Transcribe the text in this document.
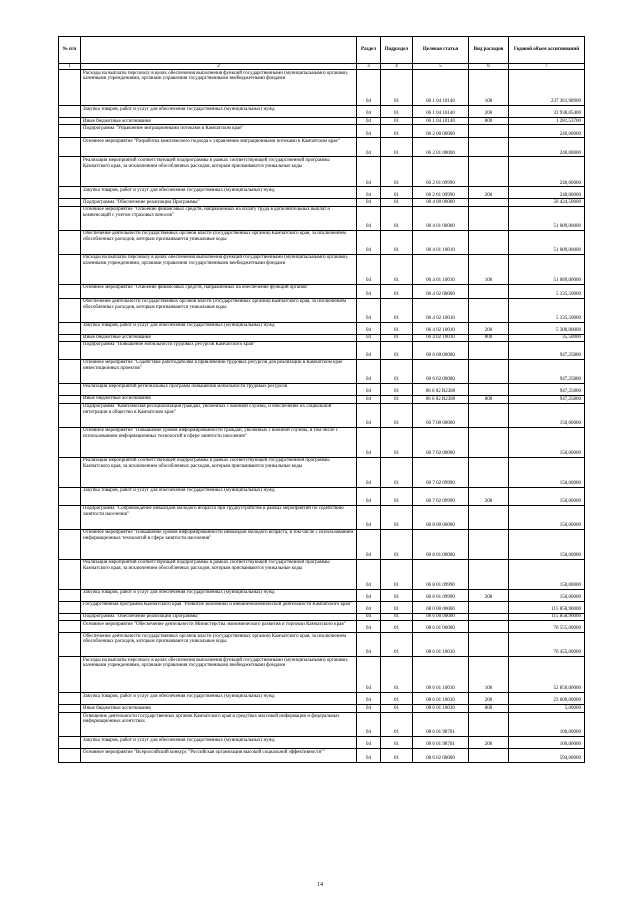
№ п/п		Раздел	Подраздел	Целевая статья	Вид расходов	Годовой объем ассигнований
1	2	3	4	5	6	7
	Расходы на выплаты персоналу в целях обеспечения выполнения функций государственными (муниципальными) органами, казенными учреждениями, органами управления государственными внебюджетными фондами	04	01	06 1 04 10140	100	237 361,98900
	Закупка товаров, работ и услуг для обеспечения государственных (муниципальных) нужд	04	01	06 1 04 10140	200	33 938,05400
	Иные бюджетные ассигнования	04	01	06 1 04 10140	800	1 281,53700
	Подпрограмма "Управление миграционными потоками в Камчатском крае"	04	01	06 2 00 00000		240,00000
	Основное мероприятие "Разработка комплексного подхода к управлению миграционными потоками в Камчатском крае"	04	01	06 2 01 00000		240,00000
	Реализация мероприятий соответствующей подпрограммы в рамках соответствующей государственной программы Камчатского края, за исключением обособленных расходов, которым присваиваются уникальные коды	04	01	06 2 01 09990		240,00000
	Закупка товаров, работ и услуг для обеспечения государственных (муниципальных) нужд	04	01	06 2 01 09990	200	240,00000
	Подпрограмма "Обеспечение реализации Программы"	04	01	06 4 00 00000		56 424,50000
	Основное мероприятие "Освоение финансовых средств, направленных на оплату труда в дополнительных выплат и компенсаций с учетом страховых взносов"	04	01	06 4 01 00000		51 089,00000
	Обеспечение деятельности государственных органов власти (государственных органов) Камчатского края, за исключением обособленных расходов, которым присваиваются уникальные коды	04	01	06 4 01 10010		51 089,00000
	Расходы на выплаты персоналу в целях обеспечения выполнения функций государственными (муниципальными) органами, казенными учреждениями, органами управления государственными внебюджетными фондами	04	01	06 4 01 10010	100	51 089,00000
	Основное мероприятие "Освоение финансовых средств, направленных на обеспечение функций органов"	04	01	06 4 02 00000		5 335,50000
	Обеспечение деятельности государственных органов власти (государственных органов) Камчатского края, за исключением обособленных расходов, которым присваиваются уникальные коды	04	01	06 4 02 10010		5 335,50000
	Закупка товаров, работ и услуг для обеспечения государственных (муниципальных) нужд	04	01	06 4 02 10010	200	5 300,00000
	Иные бюджетные ассигнования	04	01	06 4 02 10010	800	35,50000
	Подпрограмма "Повышение мобильности трудовых ресурсов Камчатского края"	04	01	06 6 00 00000		947,25800
	Основное мероприятие "Содействие работодателям в привлечении трудовых ресурсов для реализации в Камчатском крае инвестиционных проектов"	04	01	06 6 02 00000		947,25800
	Реализация мероприятий региональных программ повышения мобильности трудовых ресурсов	04	01	06 6 02 R2380		947,25800
	Иные бюджетные ассигнования	04	01	06 6 02 R2380	800	947,25800
	Подпрограмма "Комплексная ресоциализация граждан, уволенных с военной службы, и обеспечение их социальной интеграции в общество в Камчатском крае"	04	01	06 7 00 00000		150,00000
	Основное мероприятие "Повышение уровня информированности граждан, уволенных с военной службы, в том числе с использованием информационных технологий в сфере занятости населения"	04	01	06 7 02 00000		150,00000
	Реализация мероприятий соответствующей подпрограммы в рамках соответствующей государственной программы Камчатского края, за исключением обособленных расходов, которым присваиваются уникальные коды	04	01	06 7 02 09990		150,00000
	Закупка товаров, работ и услуг для обеспечения государственных (муниципальных) нужд	04	01	06 7 02 09990	200	150,00000
	Подпрограмма "Сопровождение инвалидов молодого возраста при трудоустройстве в рамках мероприятий по содействию занятости населения"	04	01	06 8 00 00000		150,00000
	Основное мероприятие "Повышение уровня информированности инвалидов молодого возраста, в том числе с использованием информационных технологий в сфере занятости населения"	04	01	06 8 01 00000		150,00000
	Реализация мероприятий соответствующей подпрограммы в рамках соответствующей государственной программы Камчатского края, за исключением обособленных расходов, которым присваиваются уникальные коды	04	01	06 8 01 09990		150,00000
	Закупка товаров, работ и услуг для обеспечения государственных (муниципальных) нужд	04	01	06 8 01 09990	200	150,00000
	Государственная программа Камчатского края "Развитие экономики и внешнеэкономической деятельности Камчатского края"	04	01	08 0 00 00000		115 858,90000
	Подпрограмма "Обеспечение реализации Программы"	04	01	08 6 00 00000		115 858,90000
	Основное мероприятие "Обеспечение деятельности Министерства экономического развития и торговли Камчатского края"	04	01	08 6 01 00000		76 555,00000
	Обеспечение деятельности государственных органов власти (государственных органов) Камчатского края, за исключением обособленных расходов, которым присваиваются уникальные коды	04	01	08 6 01 10010		76 455,00000
	Расходы на выплаты персоналу в целях обеспечения выполнения функций государственными (муниципальными) органами, казенными учреждениями, органами управления государственными внебюджетными фондами	04	01	08 6 01 10010	100	52 850,00000
	Закупка товаров, работ и услуг для обеспечения государственных (муниципальных) нужд	04	01	08 6 01 10010	200	23 600,00000
	Иные бюджетные ассигнования	04	01	08 6 01 10010	800	5,00000
	Освещение деятельности государственных органов Камчатского края в средствах массовой информации и федеральных информационных агентствах	04	01	08 6 01 98701		100,00000
	Закупка товаров, работ и услуг для обеспечения государственных (муниципальных) нужд	04	01	08 6 01 98701	200	100,00000
	Основное мероприятие "Всероссийский конкурс "Российская организация высокой социальной эффективности""	04	01	08 6 02 00000		594,00000
14
